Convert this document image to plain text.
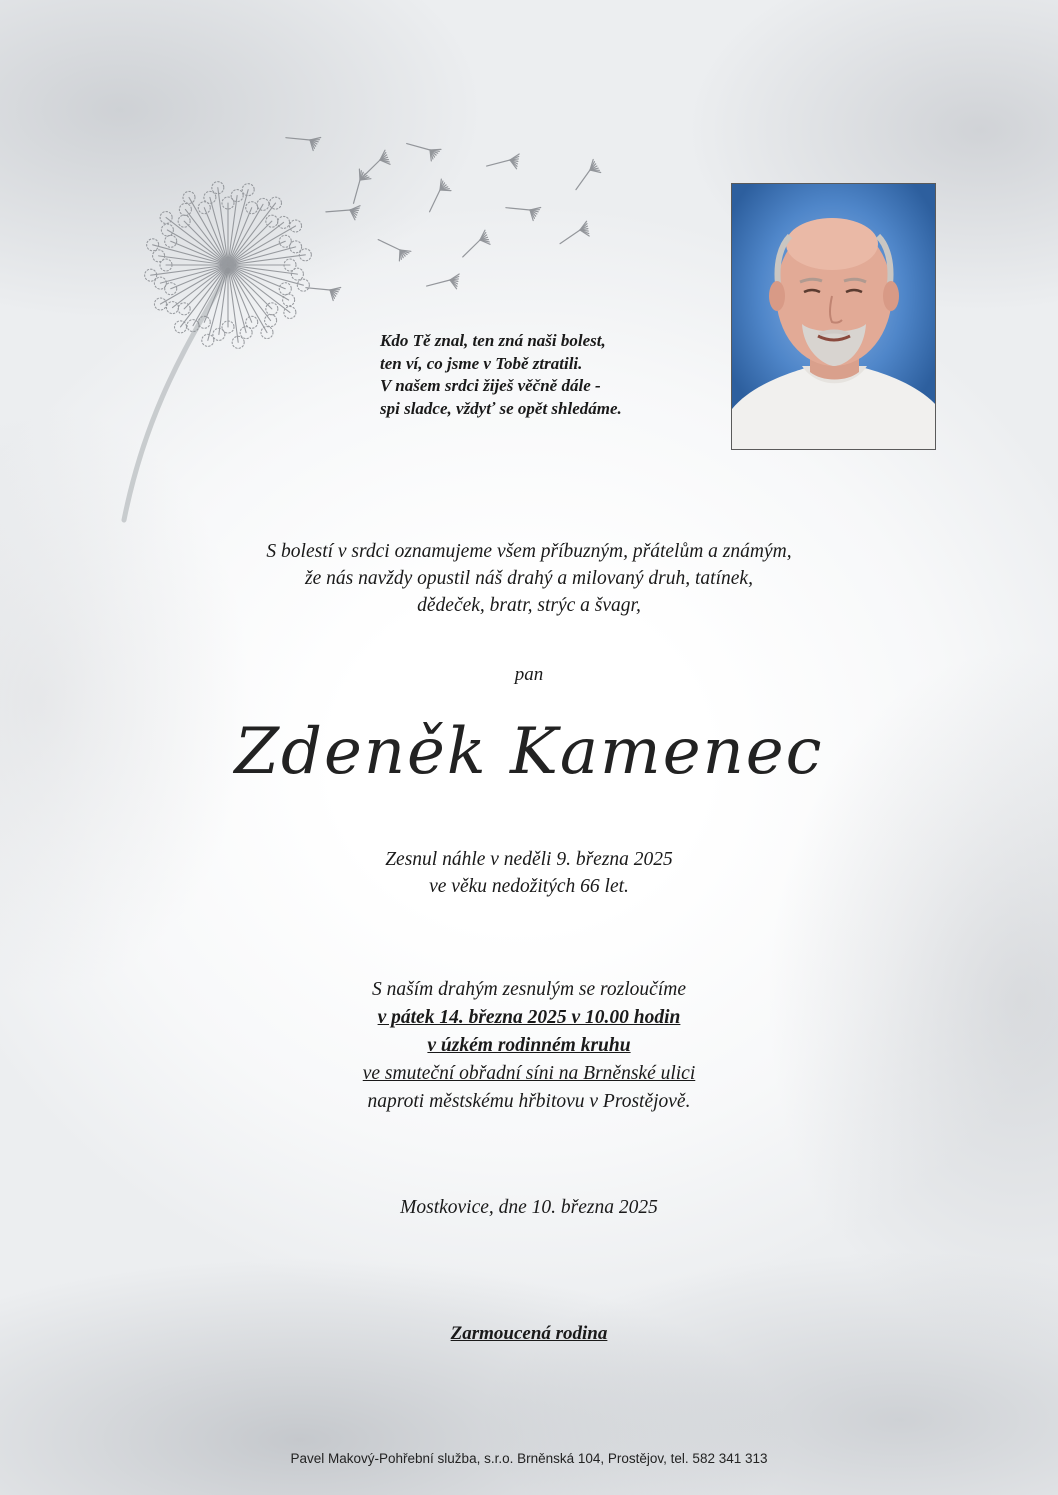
Kdo Tě znal, ten zná naši bolest,
ten ví, co jsme v Tobě ztratili.
V našem srdci žiješ věčně dále -
spi sladce, vždyť se opět shledáme.
S bolestí v srdci oznamujeme všem příbuzným, přátelům a známým,
že nás navždy opustil náš drahý a milovaný druh, tatínek,
dědeček, bratr, strýc a švagr,
pan
Zdeněk Kamenec
Zesnul náhle v neděli 9. března 2025
ve věku nedožitých 66 let.
S naším drahým zesnulým se rozloučíme
v pátek 14. března 2025 v 10.00 hodin
v úzkém rodinném kruhu
ve smuteční obřadní síni na Brněnské ulici
naproti městskému hřbitovu v Prostějově.
Mostkovice, dne 10. března 2025
Zarmoucená rodina
Pavel Makový-Pohřební služba, s.r.o. Brněnská 104, Prostějov, tel. 582 341 313
